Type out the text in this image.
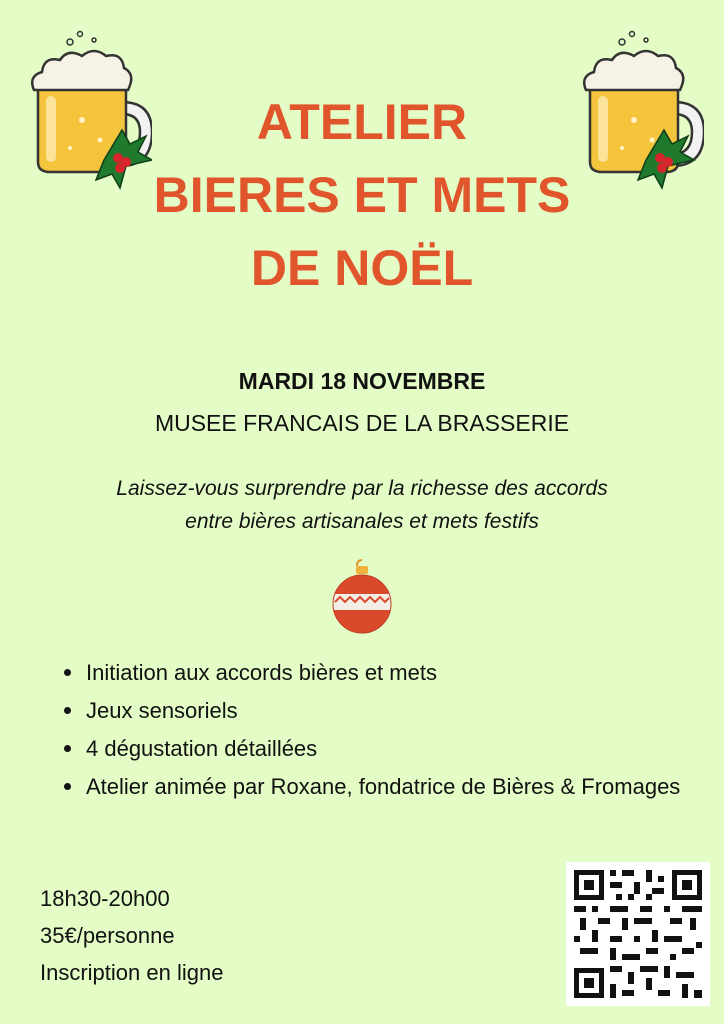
ATELIER
BIERES ET METS
DE NOËL
MARDI 18 NOVEMBRE
MUSEE FRANCAIS DE LA BRASSERIE
Laissez-vous surprendre par la richesse des accords
entre bières artisanales et mets festifs
Initiation aux accords bières et mets
Jeux sensoriels
4 dégustation détaillées
Atelier animée par Roxane, fondatrice de Bières & Fromages
18h30-20h00
35€/personne
Inscription en ligne
